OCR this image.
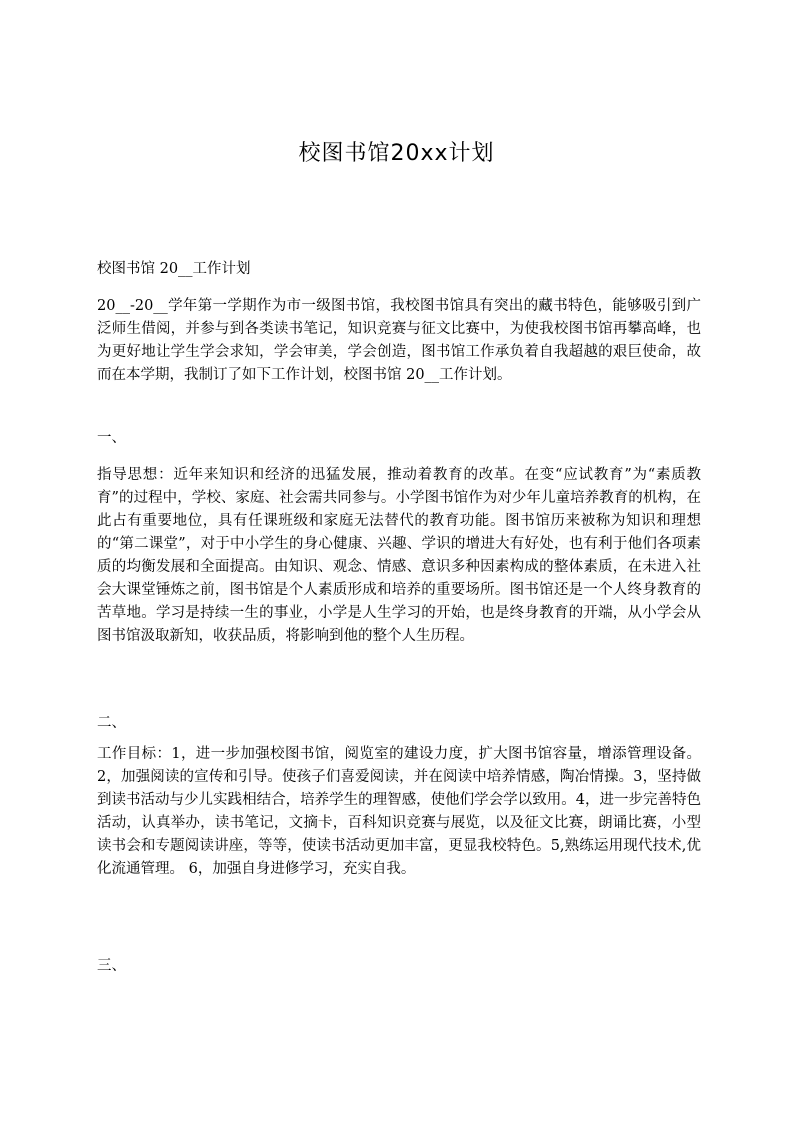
校图书馆20xx计划

校图书馆 20__工作计划

20__-20__学年第一学期作为市一级图书馆，我校图书馆具有突出的藏书特色，能够吸引到广泛师生借阅，并参与到各类读书笔记，知识竞赛与征文比赛中，为使我校图书馆再攀高峰，也为更好地让学生学会求知，学会审美，学会创造，图书馆工作承负着自我超越的艰巨使命，故而在本学期，我制订了如下工作计划，校图书馆 20__工作计划。

一、

指导思想：近年来知识和经济的迅猛发展，推动着教育的改革。在变“应试教育”为“素质教育”的过程中，学校、家庭、社会需共同参与。小学图书馆作为对少年儿童培养教育的机构，在此占有重要地位，具有任课班级和家庭无法替代的教育功能。图书馆历来被称为知识和理想的“第二课堂”，对于中小学生的身心健康、兴趣、学识的增进大有好处，也有利于他们各项素质的均衡发展和全面提高。由知识、观念、情感、意识多种因素构成的整体素质，在未进入社会大课堂锤炼之前，图书馆是个人素质形成和培养的重要场所。图书馆还是一个人终身教育的苦草地。学习是持续一生的事业，小学是人生学习的开始，也是终身教育的开端，从小学会从图书馆汲取新知，收获品质，将影响到他的整个人生历程。

二、

工作目标：1，进一步加强校图书馆，阅览室的建设力度，扩大图书馆容量，增添管理设备。2，加强阅读的宣传和引导。使孩子们喜爱阅读，并在阅读中培养情感，陶冶情操。3，坚持做到读书活动与少儿实践相结合，培养学生的理智感，使他们学会学以致用。4，进一步完善特色活动，认真举办，读书笔记，文摘卡，百科知识竞赛与展览，以及征文比赛，朗诵比赛，小型读书会和专题阅读讲座，等等，使读书活动更加丰富，更显我校特色。5,熟练运用现代技术,优化流通管理。 6，加强自身进修学习，充实自我。

三、
